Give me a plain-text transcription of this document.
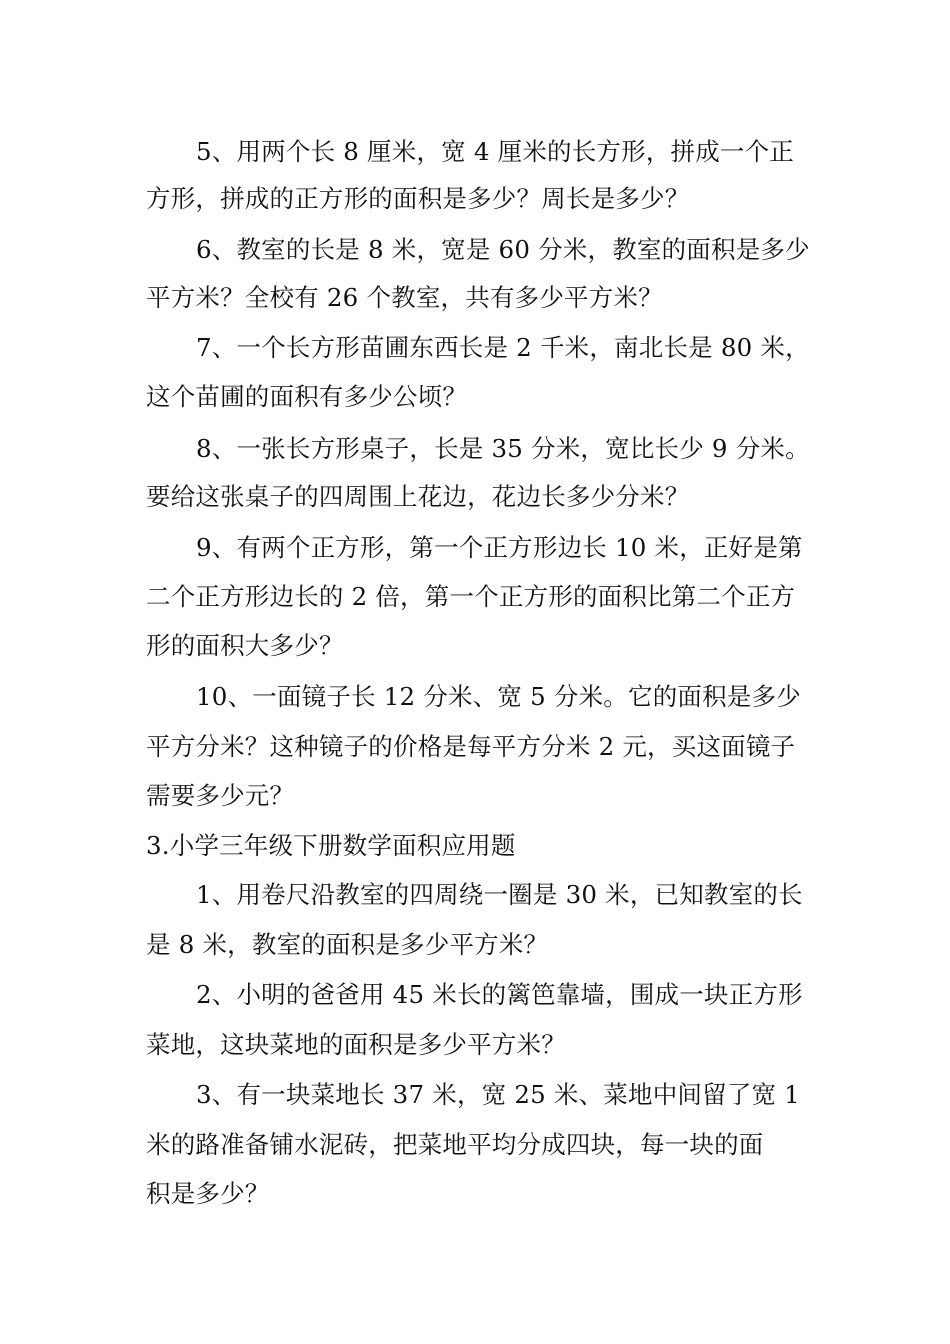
5、用两个长 8 厘米，宽 4 厘米的长方形，拼成一个正
方形，拼成的正方形的面积是多少？周长是多少？
6、教室的长是 8 米，宽是 60 分米，教室的面积是多少
平方米？全校有 26 个教室，共有多少平方米？
7、一个长方形苗圃东西长是 2 千米，南北长是 80 米，
这个苗圃的面积有多少公顷？
8、一张长方形桌子，长是 35 分米，宽比长少 9 分米。
要给这张桌子的四周围上花边，花边长多少分米？
9、有两个正方形，第一个正方形边长 10 米，正好是第
二个正方形边长的 2 倍，第一个正方形的面积比第二个正方
形的面积大多少？
10、一面镜子长 12 分米、宽 5 分米。它的面积是多少
平方分米？这种镜子的价格是每平方分米 2 元，买这面镜子
需要多少元？
3.小学三年级下册数学面积应用题
1、用卷尺沿教室的四周绕一圈是 30 米，已知教室的长
是 8 米，教室的面积是多少平方米？
2、小明的爸爸用 45 米长的篱笆靠墙，围成一块正方形
菜地，这块菜地的面积是多少平方米？
3、有一块菜地长 37 米，宽 25 米、菜地中间留了宽 1
米的路准备铺水泥砖，把菜地平均分成四块，每一块的面
积是多少？
